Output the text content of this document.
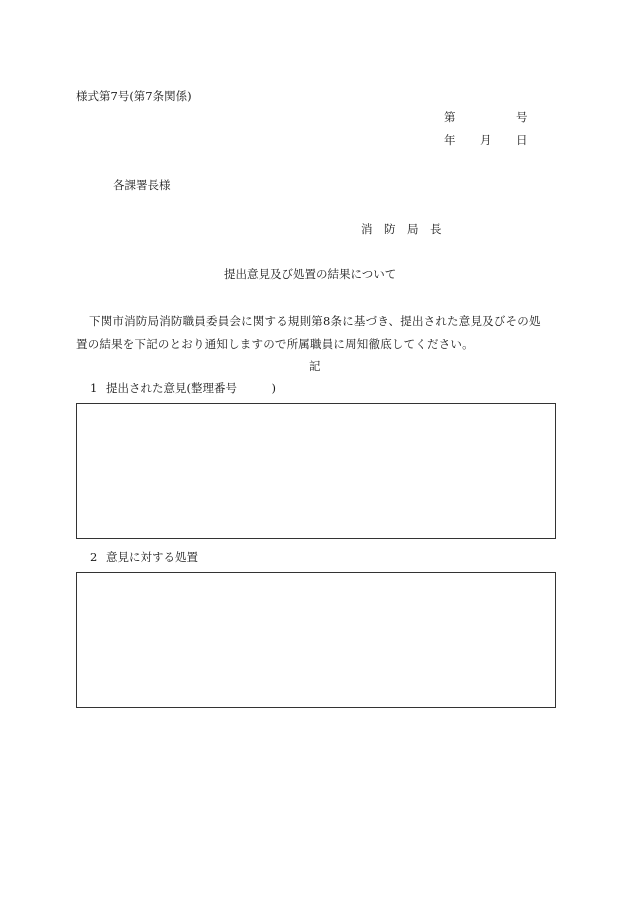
様式第7号(第7条関係)
第	号
年 月 日
各課署長様
消　防　局　長
提出意見及び処置の結果について
下関市消防局消防職員委員会に関する規則第8条に基づき、提出された意見及びその処
置の結果を下記のとおり通知しますので所属職員に周知徹底してください。
記
1 提出された意見(整理番号　　　)
2 意見に対する処置
